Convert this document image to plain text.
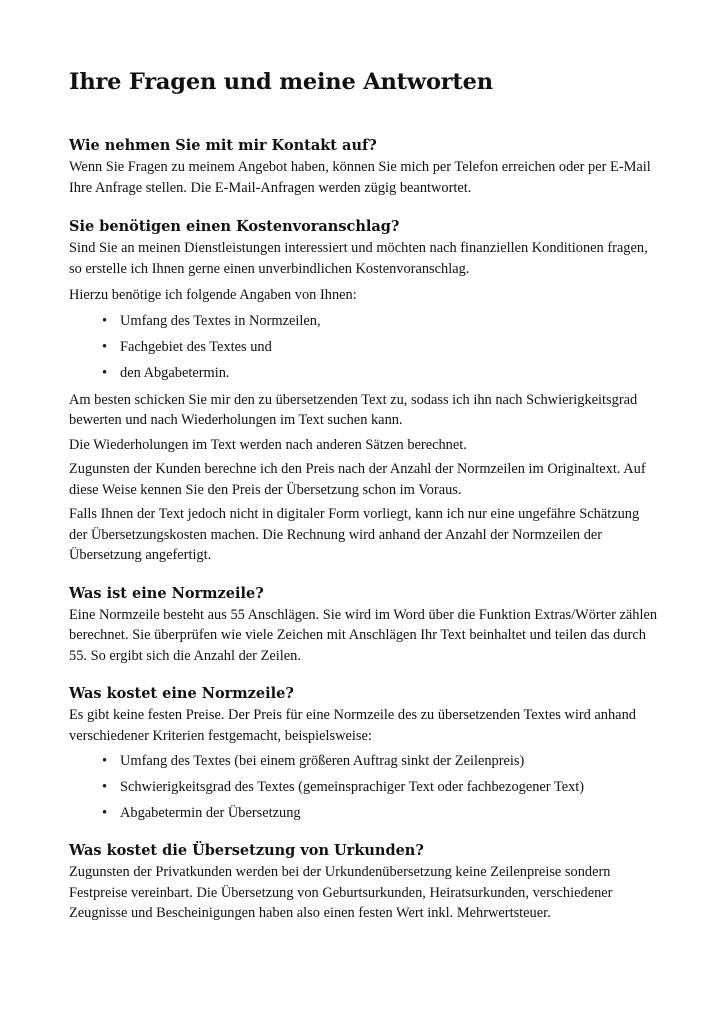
Ihre Fragen und meine Antworten
Wie nehmen Sie mit mir Kontakt auf?

Wenn Sie Fragen zu meinem Angebot haben, können Sie mich per Telefon erreichen oder per E-Mail Ihre Anfrage stellen. Die E-Mail-Anfragen werden zügig beantwortet.

Sie benötigen einen Kostenvoranschlag?

Sind Sie an meinen Dienstleistungen interessiert und möchten nach finanziellen Konditionen fragen, so erstelle ich Ihnen gerne einen unverbindlichen Kostenvoranschlag.

Hierzu benötige ich folgende Angaben von Ihnen:

• Umfang des Textes in Normzeilen,
• Fachgebiet des Textes und
• den Abgabetermin.

Am besten schicken Sie mir den zu übersetzenden Text zu, sodass ich ihn nach Schwierigkeitsgrad bewerten und nach Wiederholungen im Text suchen kann.

Die Wiederholungen im Text werden nach anderen Sätzen berechnet.

Zugunsten der Kunden berechne ich den Preis nach der Anzahl der Normzeilen im Originaltext. Auf diese Weise kennen Sie den Preis der Übersetzung schon im Voraus.

Falls Ihnen der Text jedoch nicht in digitaler Form vorliegt, kann ich nur eine ungefähre Schätzung der Übersetzungskosten machen. Die Rechnung wird anhand der Anzahl der Normzeilen der Übersetzung angefertigt.

Was ist eine Normzeile?

Eine Normzeile besteht aus 55 Anschlägen. Sie wird im Word über die Funktion Extras/Wörter zählen berechnet. Sie überprüfen wie viele Zeichen mit Anschlägen Ihr Text beinhaltet und teilen das durch 55. So ergibt sich die Anzahl der Zeilen.

Was kostet eine Normzeile?

Es gibt keine festen Preise. Der Preis für eine Normzeile des zu übersetzenden Textes wird anhand verschiedener Kriterien festgemacht, beispielsweise:

• Umfang des Textes (bei einem größeren Auftrag sinkt der Zeilenpreis)
• Schwierigkeitsgrad des Textes (gemeinsprachiger Text oder fachbezogener Text)
• Abgabetermin der Übersetzung
Was kostet die Übersetzung von Urkunden?

Zugunsten der Privatkunden werden bei der Urkundenübersetzung keine Zeilenpreise sondern Festpreise vereinbart. Die Übersetzung von Geburtsurkunden, Heiratsurkunden, verschiedener Zeugnisse und Bescheinigungen haben also einen festen Wert inkl. Mehrwertsteuer.
